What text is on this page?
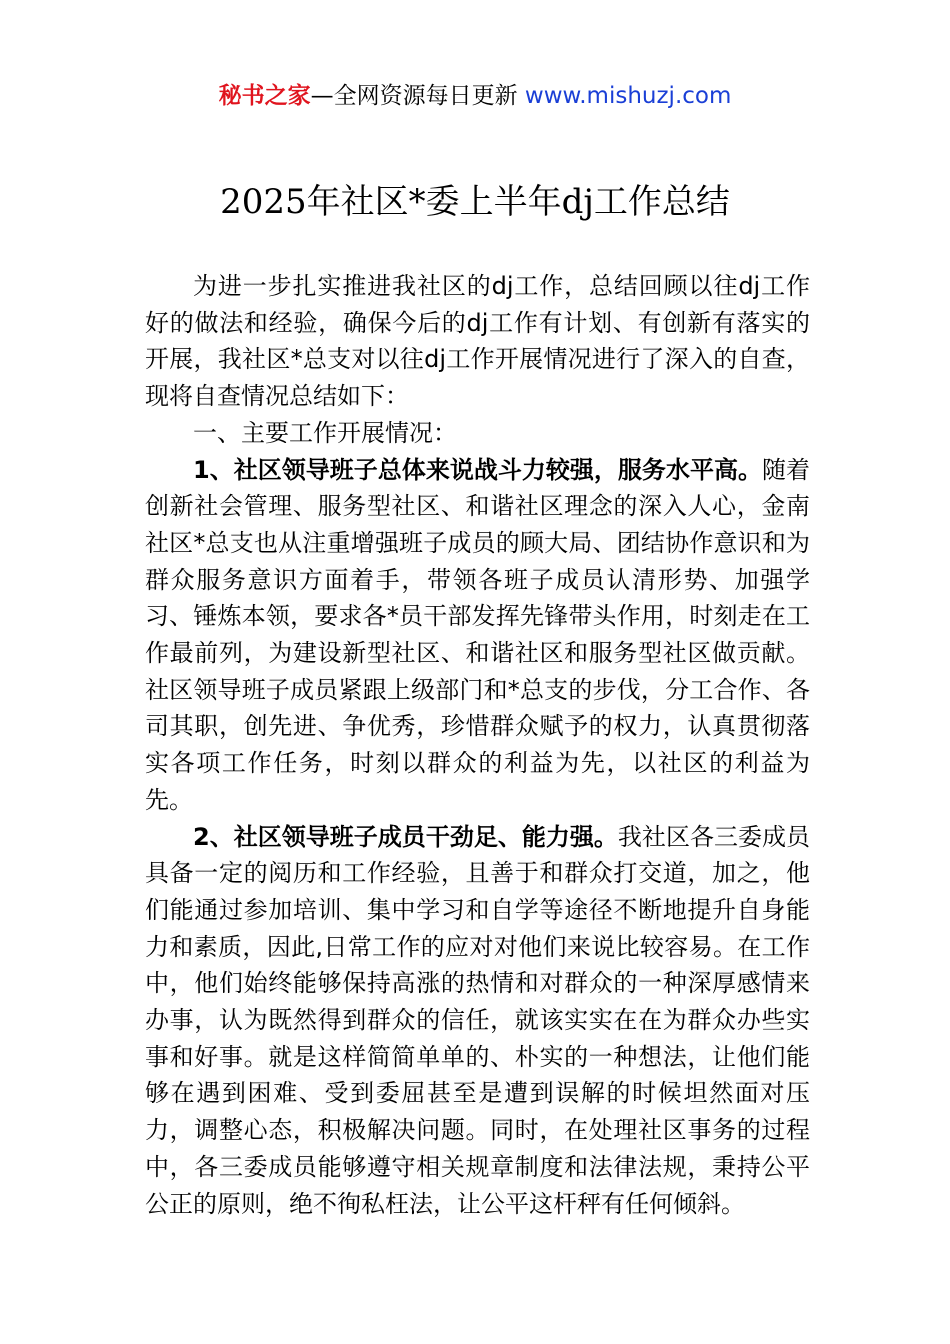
秘书之家—全网资源每日更新 www.mishuzj.com
2025年社区*委上半年dj工作总结

为进一步扎实推进我社区的dj工作，总结回顾以往dj工作好的做法和经验，确保今后的dj工作有计划、有创新有落实的开展，我社区*总支对以往dj工作开展情况进行了深入的自查，现将自查情况总结如下：

一、主要工作开展情况：

1、社区领导班子总体来说战斗力较强，服务水平高。随着创新社会管理、服务型社区、和谐社区理念的深入人心，金南社区*总支也从注重增强班子成员的顾大局、团结协作意识和为群众服务意识方面着手，带领各班子成员认清形势、加强学习、锤炼本领，要求各*员干部发挥先锋带头作用，时刻走在工作最前列，为建设新型社区、和谐社区和服务型社区做贡献。社区领导班子成员紧跟上级部门和*总支的步伐，分工合作、各司其职，创先进、争优秀，珍惜群众赋予的权力，认真贯彻落实各项工作任务，时刻以群众的利益为先，以社区的利益为先。

2、社区领导班子成员干劲足、能力强。我社区各三委成员具备一定的阅历和工作经验，且善于和群众打交道，加之，他们能通过参加培训、集中学习和自学等途径不断地提升自身能力和素质，因此,日常工作的应对对他们来说比较容易。在工作中，他们始终能够保持高涨的热情和对群众的一种深厚感情来办事，认为既然得到群众的信任，就该实实在在为群众办些实事和好事。就是这样简简单单的、朴实的一种想法，让他们能够在遇到困难、受到委屈甚至是遭到误解的时候坦然面对压力，调整心态，积极解决问题。同时，在处理社区事务的过程中，各三委成员能够遵守相关规章制度和法律法规，秉持公平公正的原则，绝不徇私枉法，让公平这杆秤有任何倾斜。
